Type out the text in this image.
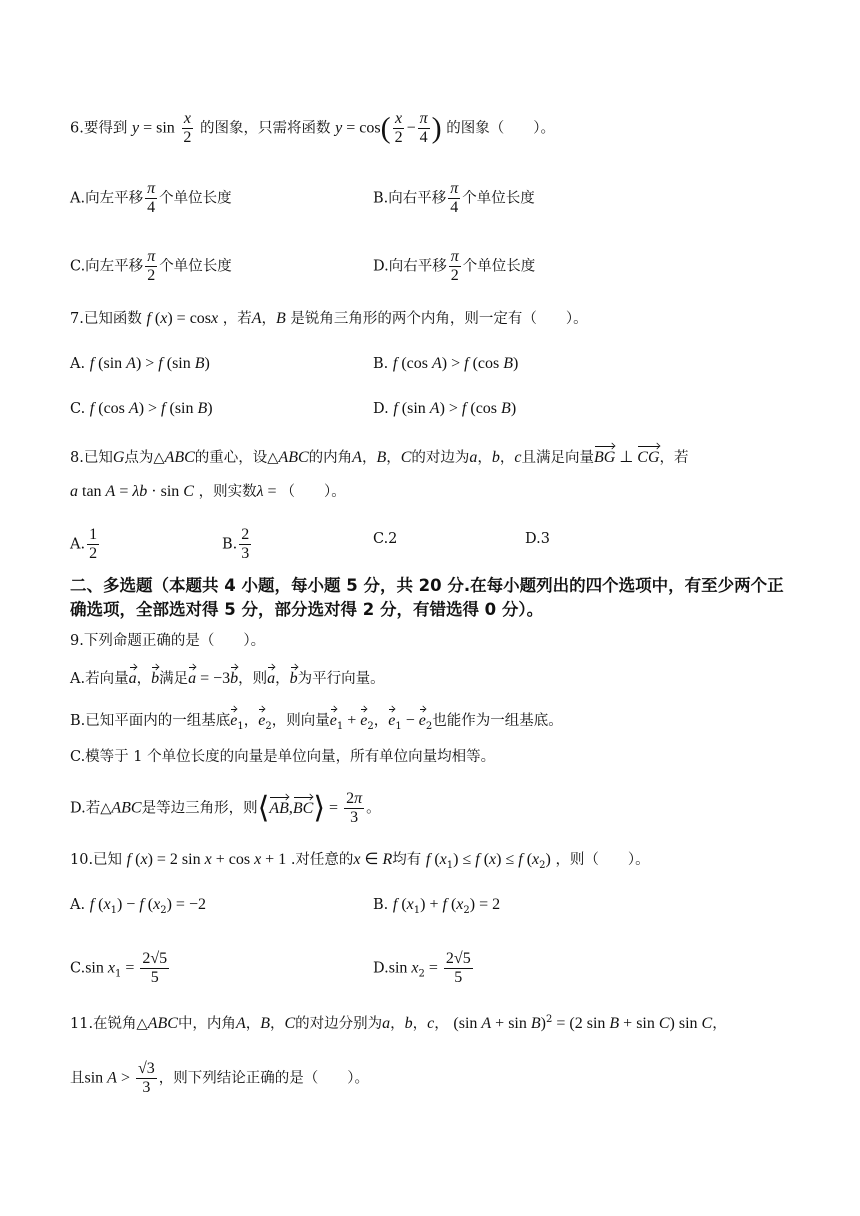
6.要得到 $y = \sin \frac{x}{2}$ 的图象，只需将函数 $y = \cos( \frac{x}{2} - \frac{\pi}{4}$ ) 的图象（　　）。
A.向左平移 $\frac{\pi}{4}$ 个单位长度	B.向右平移 $\frac{\pi}{4}$ 个单位长度
C.向左平移 $\frac{\pi}{2}$ 个单位长度	D.向右平移 $\frac{\pi}{2}$ 个单位长度
7.已知函数 f (x) = cosx ，若A，B 是锐角三角形的两个内角，则一定有（　　）。
A. f (sin A) > f (sin B)	B. f (cos A) > f (cos B)
C. f (cos A) > f (sin B)	D. f (sin A) > f (cos B)
8.已知G点为△ABC的重心，设△ABC的内角A，B，C的对边为a，b，c且满足向量BG ⊥ CG，若
a tan A = λb · sin C ，则实数λ = （　　）。
A. $\frac{1}{2}$	B. $\frac{2}{3}$	C.2	D.3
二、多选题（本题共 4 小题，每小题 5 分，共 20 分.在每小题列出的四个选项中，有至少两个正确选项，全部选对得 5 分，部分选对得 2 分，有错选得 0 分）。
9.下列命题正确的是（　　）。
A.若向量a，b满足a = −3b，则a，b为平行向量。
B.已知平面内的一组基底$e_1$，$e_2$，则向量$e_1 + e_2$，$e_1 - e_2$也能作为一组基底。
C.模等于 1 个单位长度的向量是单位向量，所有单位向量均相等。
D.若△ABC是等边三角形，则⟨AB,BC⟩ = $\frac{2\pi}{3}$ 。
10.已知 f (x) = 2 sin x + cos x + 1 .对任意的x ∈ R均有 f $(x_1) \le f$ (x) ≤ f $(x_2)$ ，则（　　）。
A. f $(x_1) - f$ $(x_2) = -2$	B. f $(x_1) + f$ $(x_2) = 2$
C.sin $x_1 = \frac{2√5}{5}$	D.sin $x_2 = \frac{2√5}{5}$
11.在锐角△ABC中，内角A，B，C的对边分别为a，b，c， (sin A + sin B)$^2$ = (2 sin B + sin C) sin C，
且$\sin A > \frac{√3}{3}$ ，则下列结论正确的是（　　）。
